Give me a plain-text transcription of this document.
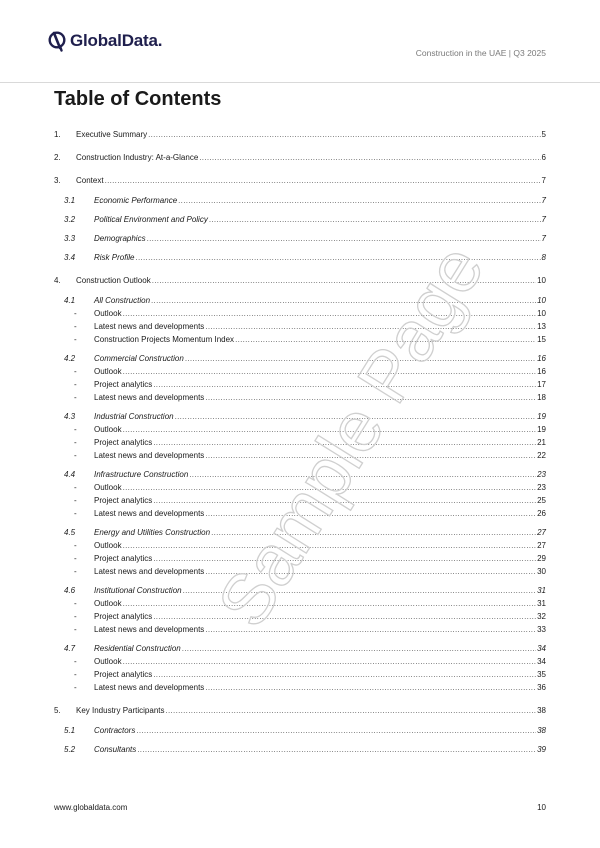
GlobalData.
Construction in the UAE | Q3 2025
Table of Contents
1.	Executive Summary .....	5
2.	Construction Industry: At-a-Glance .....	6
3.	Context .....	7
3.1	Economic Performance .....	7
3.2	Political Environment and Policy .....	7
3.3	Demographics .....	7
3.4	Risk Profile .....	8
4.	Construction Outlook .....	10
4.1	All Construction .....	10
-	Outlook .....	10
-	Latest news and developments .....	13
-	Construction Projects Momentum Index .....	15
4.2	Commercial Construction .....	16
-	Outlook .....	16
-	Project analytics .....	17
-	Latest news and developments .....	18
4.3	Industrial Construction .....	19
-	Outlook .....	19
-	Project analytics .....	21
-	Latest news and developments .....	22
4.4	Infrastructure Construction .....	23
-	Outlook .....	23
-	Project analytics .....	25
-	Latest news and developments .....	26
4.5	Energy and Utilities Construction .....	27
-	Outlook .....	27
-	Project analytics .....	29
-	Latest news and developments .....	30
4.6	Institutional Construction .....	31
-	Outlook .....	31
-	Project analytics .....	32
-	Latest news and developments .....	33
4.7	Residential Construction .....	34
-	Outlook .....	34
-	Project analytics .....	35
-	Latest news and developments .....	36
5.	Key Industry Participants .....	38
5.1	Contractors .....	38
5.2	Consultants .....	39
Sample Page
www.globaldata.com	10
